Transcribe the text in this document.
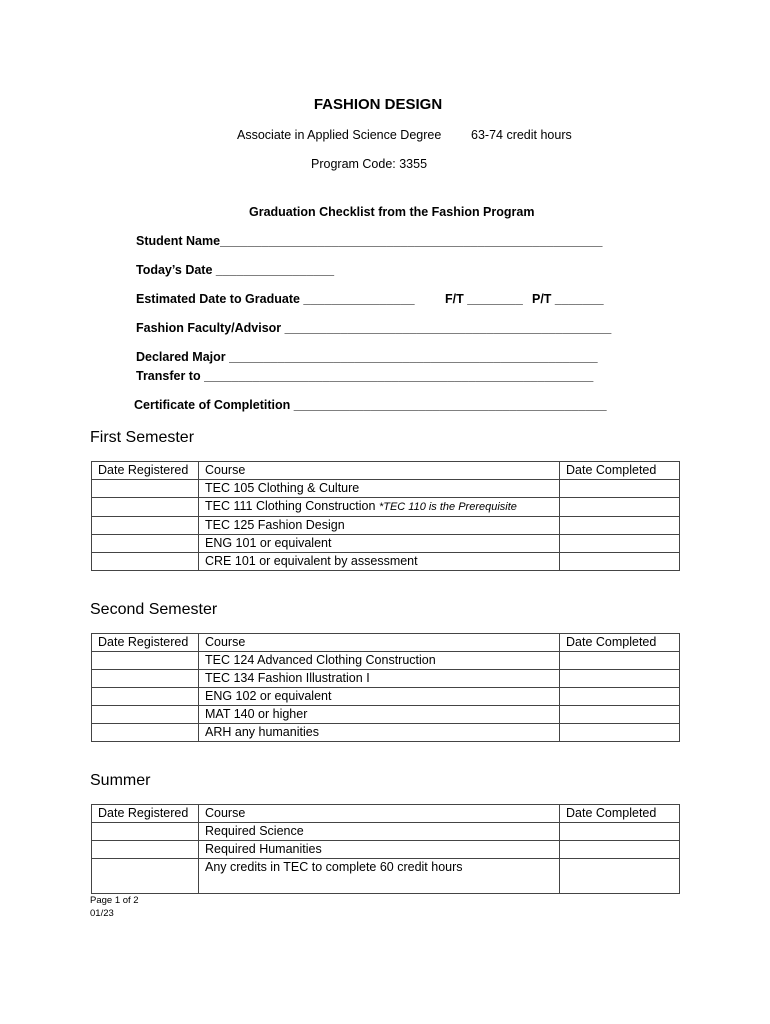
FASHION DESIGN
Associate in Applied Science Degree 63-74 credit hours
Program Code: 3355
Graduation Checklist from the Fashion Program
Student Name_______________________________________________________
Today’s Date _________________
Estimated Date to Graduate ________________ F/T ________ P/T _______
Fashion Faculty/Advisor _______________________________________________
Declared Major _____________________________________________________
Transfer to ________________________________________________________
Certificate of Completition _____________________________________________
First Semester
Date Registered	Course	Date Completed
	TEC 105 Clothing & Culture	
	TEC 111 Clothing Construction *TEC 110 is the Prerequisite	
	TEC 125 Fashion Design	
	ENG 101 or equivalent	
	CRE 101 or equivalent by assessment	
Second Semester
Date Registered	Course	Date Completed
	TEC 124 Advanced Clothing Construction	
	TEC 134 Fashion Illustration I	
	ENG 102 or equivalent	
	MAT 140 or higher	
	ARH any humanities	
Summer
Date Registered	Course	Date Completed
	Required Science	
	Required Humanities	
	Any credits in TEC to complete 60 credit hours	
Page 1 of 2
01/23
